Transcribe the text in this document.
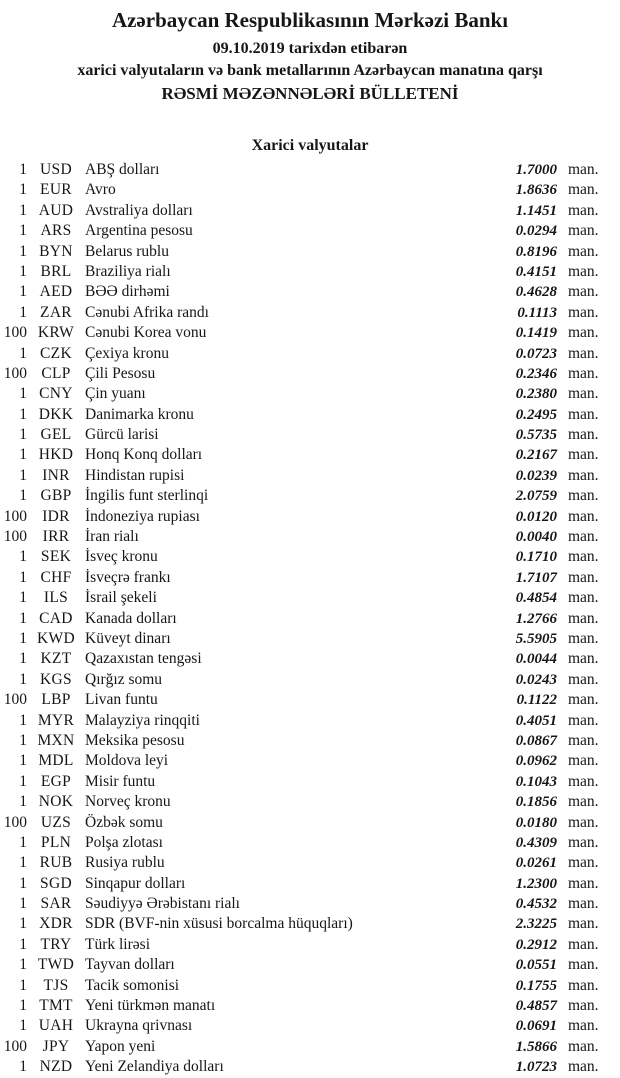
Azərbaycan Respublikasının Mərkəzi Bankı
09.10.2019 tarixdən etibarən
xarici valyutaların və bank metallarının Azərbaycan manatına qarşı
RƏSMİ MƏZƏNNƏLƏRİ BÜLLETENİ
Xarici valyutalar
1 USD ABŞ dolları	1.7000 man.
1 EUR Avro	1.8636 man.
1 AUD Avstraliya dolları	1.1451 man.
1 ARS Argentina pesosu	0.0294 man.
1 BYN Belarus rublu	0.8196 man.
1 BRL Braziliya rialı	0.4151 man.
1 AED BƏƏ dirhəmi	0.4628 man.
1 ZAR Cənubi Afrika randı	0.1113 man.
100 KRW Cənubi Korea vonu	0.1419 man.
1 CZK Çexiya kronu	0.0723 man.
100 CLP Çili Pesosu	0.2346 man.
1 CNY Çin yuanı	0.2380 man.
1 DKK Danimarka kronu	0.2495 man.
1 GEL Gürcü larisi	0.5735 man.
1 HKD Honq Konq dolları	0.2167 man.
1 INR Hindistan rupisi	0.0239 man.
1 GBP İngilis funt sterlinqi	2.0759 man.
100 IDR İndoneziya rupiası	0.0120 man.
100	IRR	İran rialı	0.0040 man.
1 SEK İsveç kronu	0.1710 man.
1 CHF İsveçrə frankı	1.7107 man.
1	ILS	İsrail şekeli	0.4854 man.
1 CAD Kanada dolları	1.2766 man.
1 KWD Küveyt dinarı	5.5905 man.
1 KZT Qazaxıstan tengəsi	0.0044 man.
1 KGS Qırğız somu	0.0243 man.
100 LBP Livan funtu	0.1122 man.
1 MYR Malayziya rinqqiti	0.4051 man.
1 MXN Meksika pesosu	0.0867 man.
1 MDL Moldova leyi	0.0962 man.
1 EGP Misir funtu	0.1043 man.
1 NOK Norveç kronu	0.1856 man.
100 UZS Özbək somu	0.0180 man.
1 PLN Polşa zlotası	0.4309 man.
1 RUB Rusiya rublu	0.0261 man.
1 SGD Sinqapur dolları	1.2300 man.
1 SAR Səudiyyə Ərəbistanı rialı	0.4532 man.
1 XDR SDR (BVF-nin xüsusi borcalma hüquqları)	2.3225 man.
1 TRY Türk lirəsi	0.2912 man.
1 TWD Tayvan dolları	0.0551 man.
1	TJS	Tacik somonisi	0.1755 man.
1 TMT Yeni türkmən manatı	0.4857 man.
1 UAH Ukrayna qrivnası	0.0691 man.
100	JPY	Yapon yeni	1.5866 man.
1 NZD Yeni Zelandiya dolları	1.0723 man.
